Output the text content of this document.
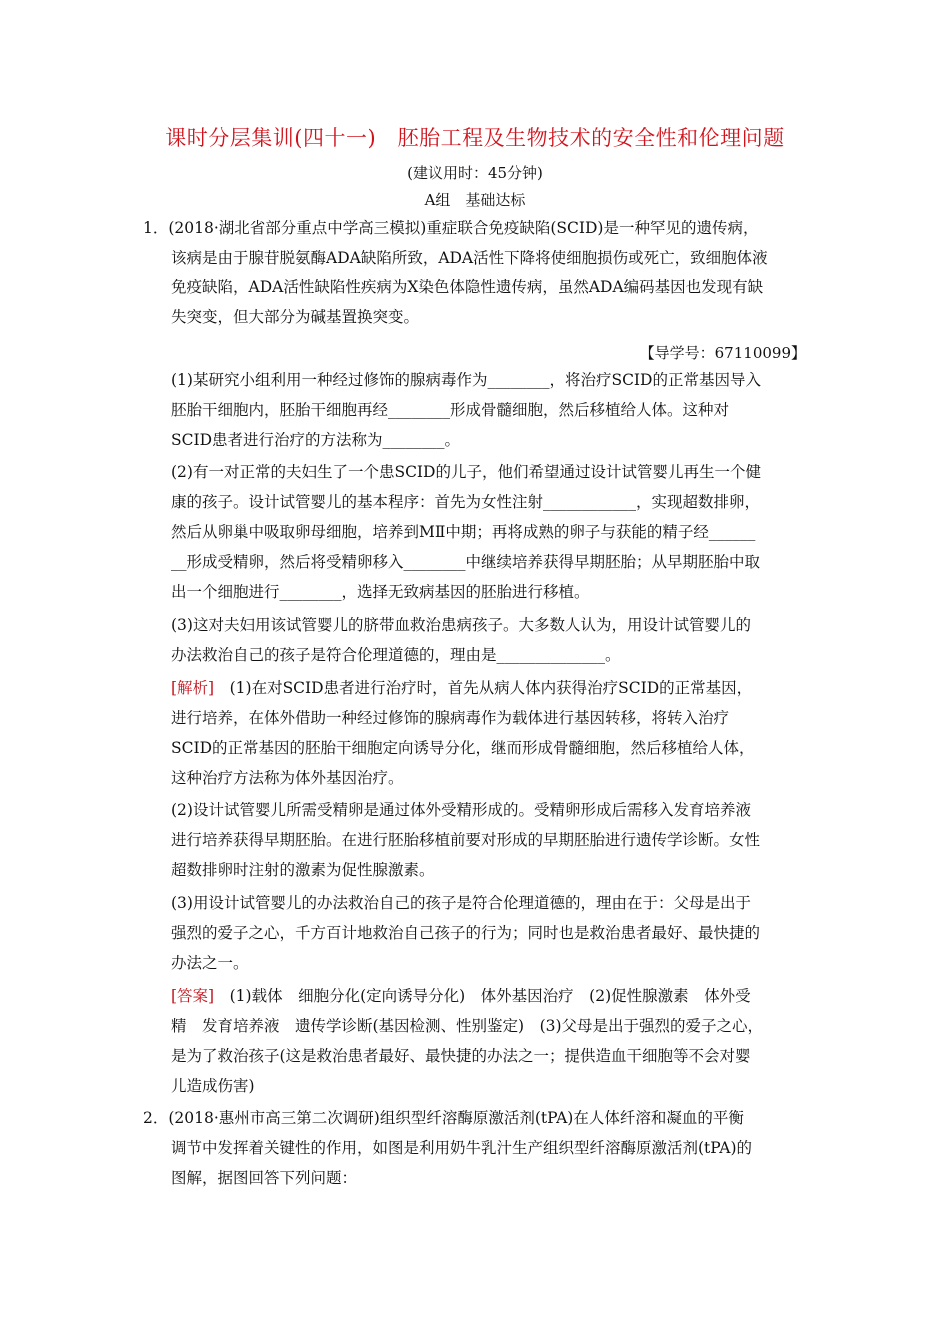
课时分层集训(四十一)　胚胎工程及生物技术的安全性和伦理问题
(建议用时：45分钟)
A组　基础达标
1．(2018·湖北省部分重点中学高三模拟)重症联合免疫缺陷(SCID)是一种罕见的遗传病，
该病是由于腺苷脱氨酶ADA缺陷所致，ADA活性下降将使细胞损伤或死亡，致细胞体液
免疫缺陷，ADA活性缺陷性疾病为X染色体隐性遗传病，虽然ADA编码基因也发现有缺
失突变，但大部分为碱基置换突变。
【导学号：67110099】
(1)某研究小组利用一种经过修饰的腺病毒作为________，将治疗SCID的正常基因导入
胚胎干细胞内，胚胎干细胞再经________形成骨髓细胞，然后移植给人体。这种对
SCID患者进行治疗的方法称为________。
(2)有一对正常的夫妇生了一个患SCID的儿子，他们希望通过设计试管婴儿再生一个健
康的孩子。设计试管婴儿的基本程序：首先为女性注射____________，实现超数排卵，
然后从卵巢中吸取卵母细胞，培养到MⅡ中期；再将成熟的卵子与获能的精子经______
__形成受精卵，然后将受精卵移入________中继续培养获得早期胚胎；从早期胚胎中取
出一个细胞进行________，选择无致病基因的胚胎进行移植。
(3)这对夫妇用该试管婴儿的脐带血救治患病孩子。大多数人认为，用设计试管婴儿的
办法救治自己的孩子是符合伦理道德的，理由是______________。
[解析]　(1)在对SCID患者进行治疗时，首先从病人体内获得治疗SCID的正常基因，
进行培养，在体外借助一种经过修饰的腺病毒作为载体进行基因转移，将转入治疗
SCID的正常基因的胚胎干细胞定向诱导分化，继而形成骨髓细胞，然后移植给人体，
这种治疗方法称为体外基因治疗。
(2)设计试管婴儿所需受精卵是通过体外受精形成的。受精卵形成后需移入发育培养液
进行培养获得早期胚胎。在进行胚胎移植前要对形成的早期胚胎进行遗传学诊断。女性
超数排卵时注射的激素为促性腺激素。
(3)用设计试管婴儿的办法救治自己的孩子是符合伦理道德的，理由在于：父母是出于
强烈的爱子之心，千方百计地救治自己孩子的行为；同时也是救治患者最好、最快捷的
办法之一。
[答案]　(1)载体　细胞分化(定向诱导分化)　体外基因治疗　(2)促性腺激素　体外受
精　发育培养液　遗传学诊断(基因检测、性别鉴定)　(3)父母是出于强烈的爱子之心，
是为了救治孩子(这是救治患者最好、最快捷的办法之一；提供造血干细胞等不会对婴
儿造成伤害)
2．(2018·惠州市高三第二次调研)组织型纤溶酶原激活剂(tPA)在人体纤溶和凝血的平衡
调节中发挥着关键性的作用，如图是利用奶牛乳汁生产组织型纤溶酶原激活剂(tPA)的
图解，据图回答下列问题：
